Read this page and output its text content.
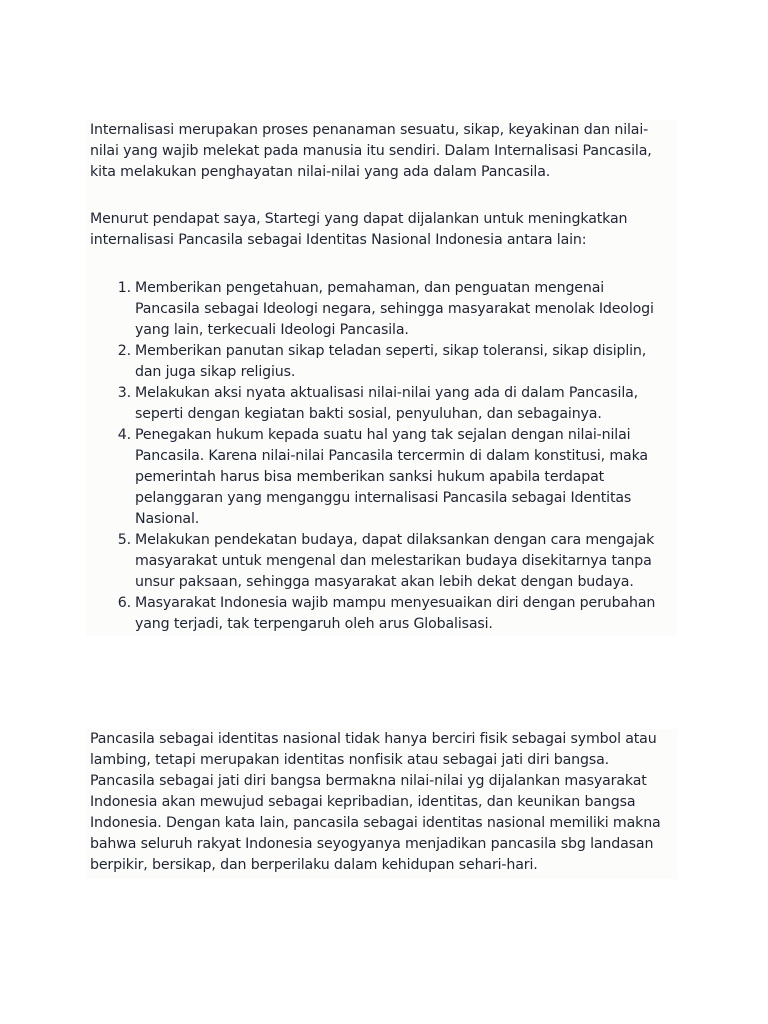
Internalisasi merupakan proses penanaman sesuatu, sikap, keyakinan dan nilai-nilai yang wajib melekat pada manusia itu sendiri. Dalam Internalisasi Pancasila, kita melakukan penghayatan nilai-nilai yang ada dalam Pancasila.

Menurut pendapat saya, Startegi yang dapat dijalankan untuk meningkatkan internalisasi Pancasila sebagai Identitas Nasional Indonesia antara lain:

1. Memberikan pengetahuan, pemahaman, dan penguatan mengenai Pancasila sebagai Ideologi negara, sehingga masyarakat menolak Ideologi yang lain, terkecuali Ideologi Pancasila.
2. Memberikan panutan sikap teladan seperti, sikap toleransi, sikap disiplin, dan juga sikap religius.
3. Melakukan aksi nyata aktualisasi nilai-nilai yang ada di dalam Pancasila, seperti dengan kegiatan bakti sosial, penyuluhan, dan sebagainya.
4. Penegakan hukum kepada suatu hal yang tak sejalan dengan nilai-nilai Pancasila. Karena nilai-nilai Pancasila tercermin di dalam konstitusi, maka pemerintah harus bisa memberikan sanksi hukum apabila terdapat pelanggaran yang menganggu internalisasi Pancasila sebagai Identitas Nasional.
5. Melakukan pendekatan budaya, dapat dilaksankan dengan cara mengajak masyarakat untuk mengenal dan melestarikan budaya disekitarnya tanpa unsur paksaan, sehingga masyarakat akan lebih dekat dengan budaya.
6. Masyarakat Indonesia wajib mampu menyesuaikan diri dengan perubahan yang terjadi, tak terpengaruh oleh arus Globalisasi.

Pancasila sebagai identitas nasional tidak hanya berciri fisik sebagai symbol atau lambing, tetapi merupakan identitas nonfisik atau sebagai jati diri bangsa. Pancasila sebagai jati diri bangsa bermakna nilai-nilai yg dijalankan masyarakat Indonesia akan mewujud sebagai kepribadian, identitas, dan keunikan bangsa Indonesia. Dengan kata lain, pancasila sebagai identitas nasional memiliki makna bahwa seluruh rakyat Indonesia seyogyanya menjadikan pancasila sbg landasan berpikir, bersikap, dan berperilaku dalam kehidupan sehari-hari.
